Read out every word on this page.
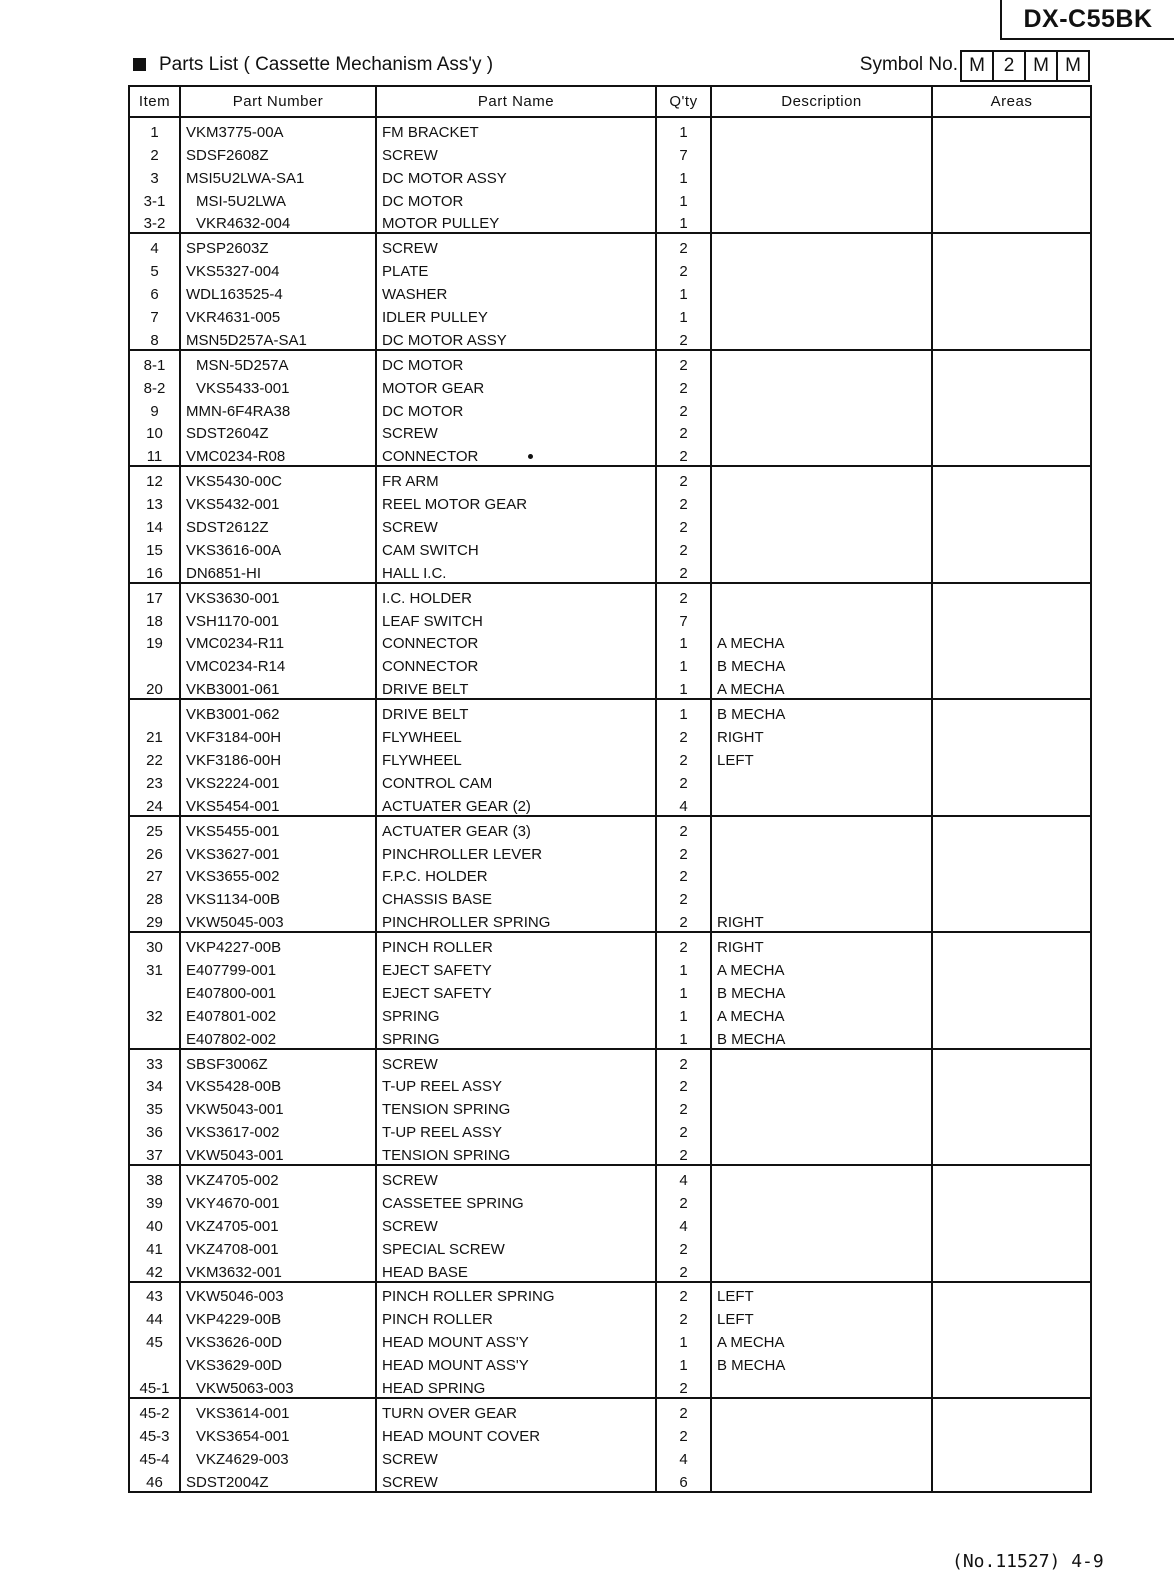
DX-C55BK
Parts List ( Cassette Mechanism Ass'y )	Symbol No. M 2 M M
Item	Part Number	Part Name	Q'ty	Description	Areas
1	VKM3775-00A	FM BRACKET	1		
2	SDSF2608Z	SCREW	7		
3	MSI5U2LWA-SA1	DC MOTOR ASSY	1		
3-1	MSI-5U2LWA	DC MOTOR	1		
3-2	VKR4632-004	MOTOR PULLEY	1		
4	SPSP2603Z	SCREW	2		
5	VKS5327-004	PLATE	2		
6	WDL163525-4	WASHER	1		
7	VKR4631-005	IDLER PULLEY	1		
8	MSN5D257A-SA1	DC MOTOR ASSY	2		
8-1	MSN-5D257A	DC MOTOR	2		
8-2	VKS5433-001	MOTOR GEAR	2		
9	MMN-6F4RA38	DC MOTOR	2		
10	SDST2604Z	SCREW	2		
11	VMC0234-R08	CONNECTOR	2		
12	VKS5430-00C	FR ARM	2		
13	VKS5432-001	REEL MOTOR GEAR	2		
14	SDST2612Z	SCREW	2		
15	VKS3616-00A	CAM SWITCH	2		
16	DN6851-HI	HALL I.C.	2		
17	VKS3630-001	I.C. HOLDER	2		
18	VSH1170-001	LEAF SWITCH	7		
19	VMC0234-R11	CONNECTOR	1	A MECHA	
	VMC0234-R14	CONNECTOR	1	B MECHA	
20	VKB3001-061	DRIVE BELT	1	A MECHA	
	VKB3001-062	DRIVE BELT	1	B MECHA	
21	VKF3184-00H	FLYWHEEL	2	RIGHT	
22	VKF3186-00H	FLYWHEEL	2	LEFT	
23	VKS2224-001	CONTROL CAM	2		
24	VKS5454-001	ACTUATER GEAR (2)	4		
25	VKS5455-001	ACTUATER GEAR (3)	2		
26	VKS3627-001	PINCHROLLER LEVER	2		
27	VKS3655-002	F.P.C. HOLDER	2		
28	VKS1134-00B	CHASSIS BASE	2		
29	VKW5045-003	PINCHROLLER SPRING	2	RIGHT	
30	VKP4227-00B	PINCH ROLLER	2	RIGHT	
31	E407799-001	EJECT SAFETY	1	A MECHA	
	E407800-001	EJECT SAFETY	1	B MECHA	
32	E407801-002	SPRING	1	A MECHA	
	E407802-002	SPRING	1	B MECHA	
33	SBSF3006Z	SCREW	2		
34	VKS5428-00B	T-UP REEL ASSY	2		
35	VKW5043-001	TENSION SPRING	2		
36	VKS3617-002	T-UP REEL ASSY	2		
37	VKW5043-001	TENSION SPRING	2		
38	VKZ4705-002	SCREW	4		
39	VKY4670-001	CASSETEE SPRING	2		
40	VKZ4705-001	SCREW	4		
41	VKZ4708-001	SPECIAL SCREW	2		
42	VKM3632-001	HEAD BASE	2		
43	VKW5046-003	PINCH ROLLER SPRING	2	LEFT	
44	VKP4229-00B	PINCH ROLLER	2	LEFT	
45	VKS3626-00D	HEAD MOUNT ASS'Y	1	A MECHA	
	VKS3629-00D	HEAD MOUNT ASS'Y	1	B MECHA	
45-1	VKW5063-003	HEAD SPRING	2		
45-2	VKS3614-001	TURN OVER GEAR	2		
45-3	VKS3654-001	HEAD MOUNT COVER	2		
45-4	VKZ4629-003	SCREW	4		
46	SDST2004Z	SCREW	6		
(No.11527) 4-9
